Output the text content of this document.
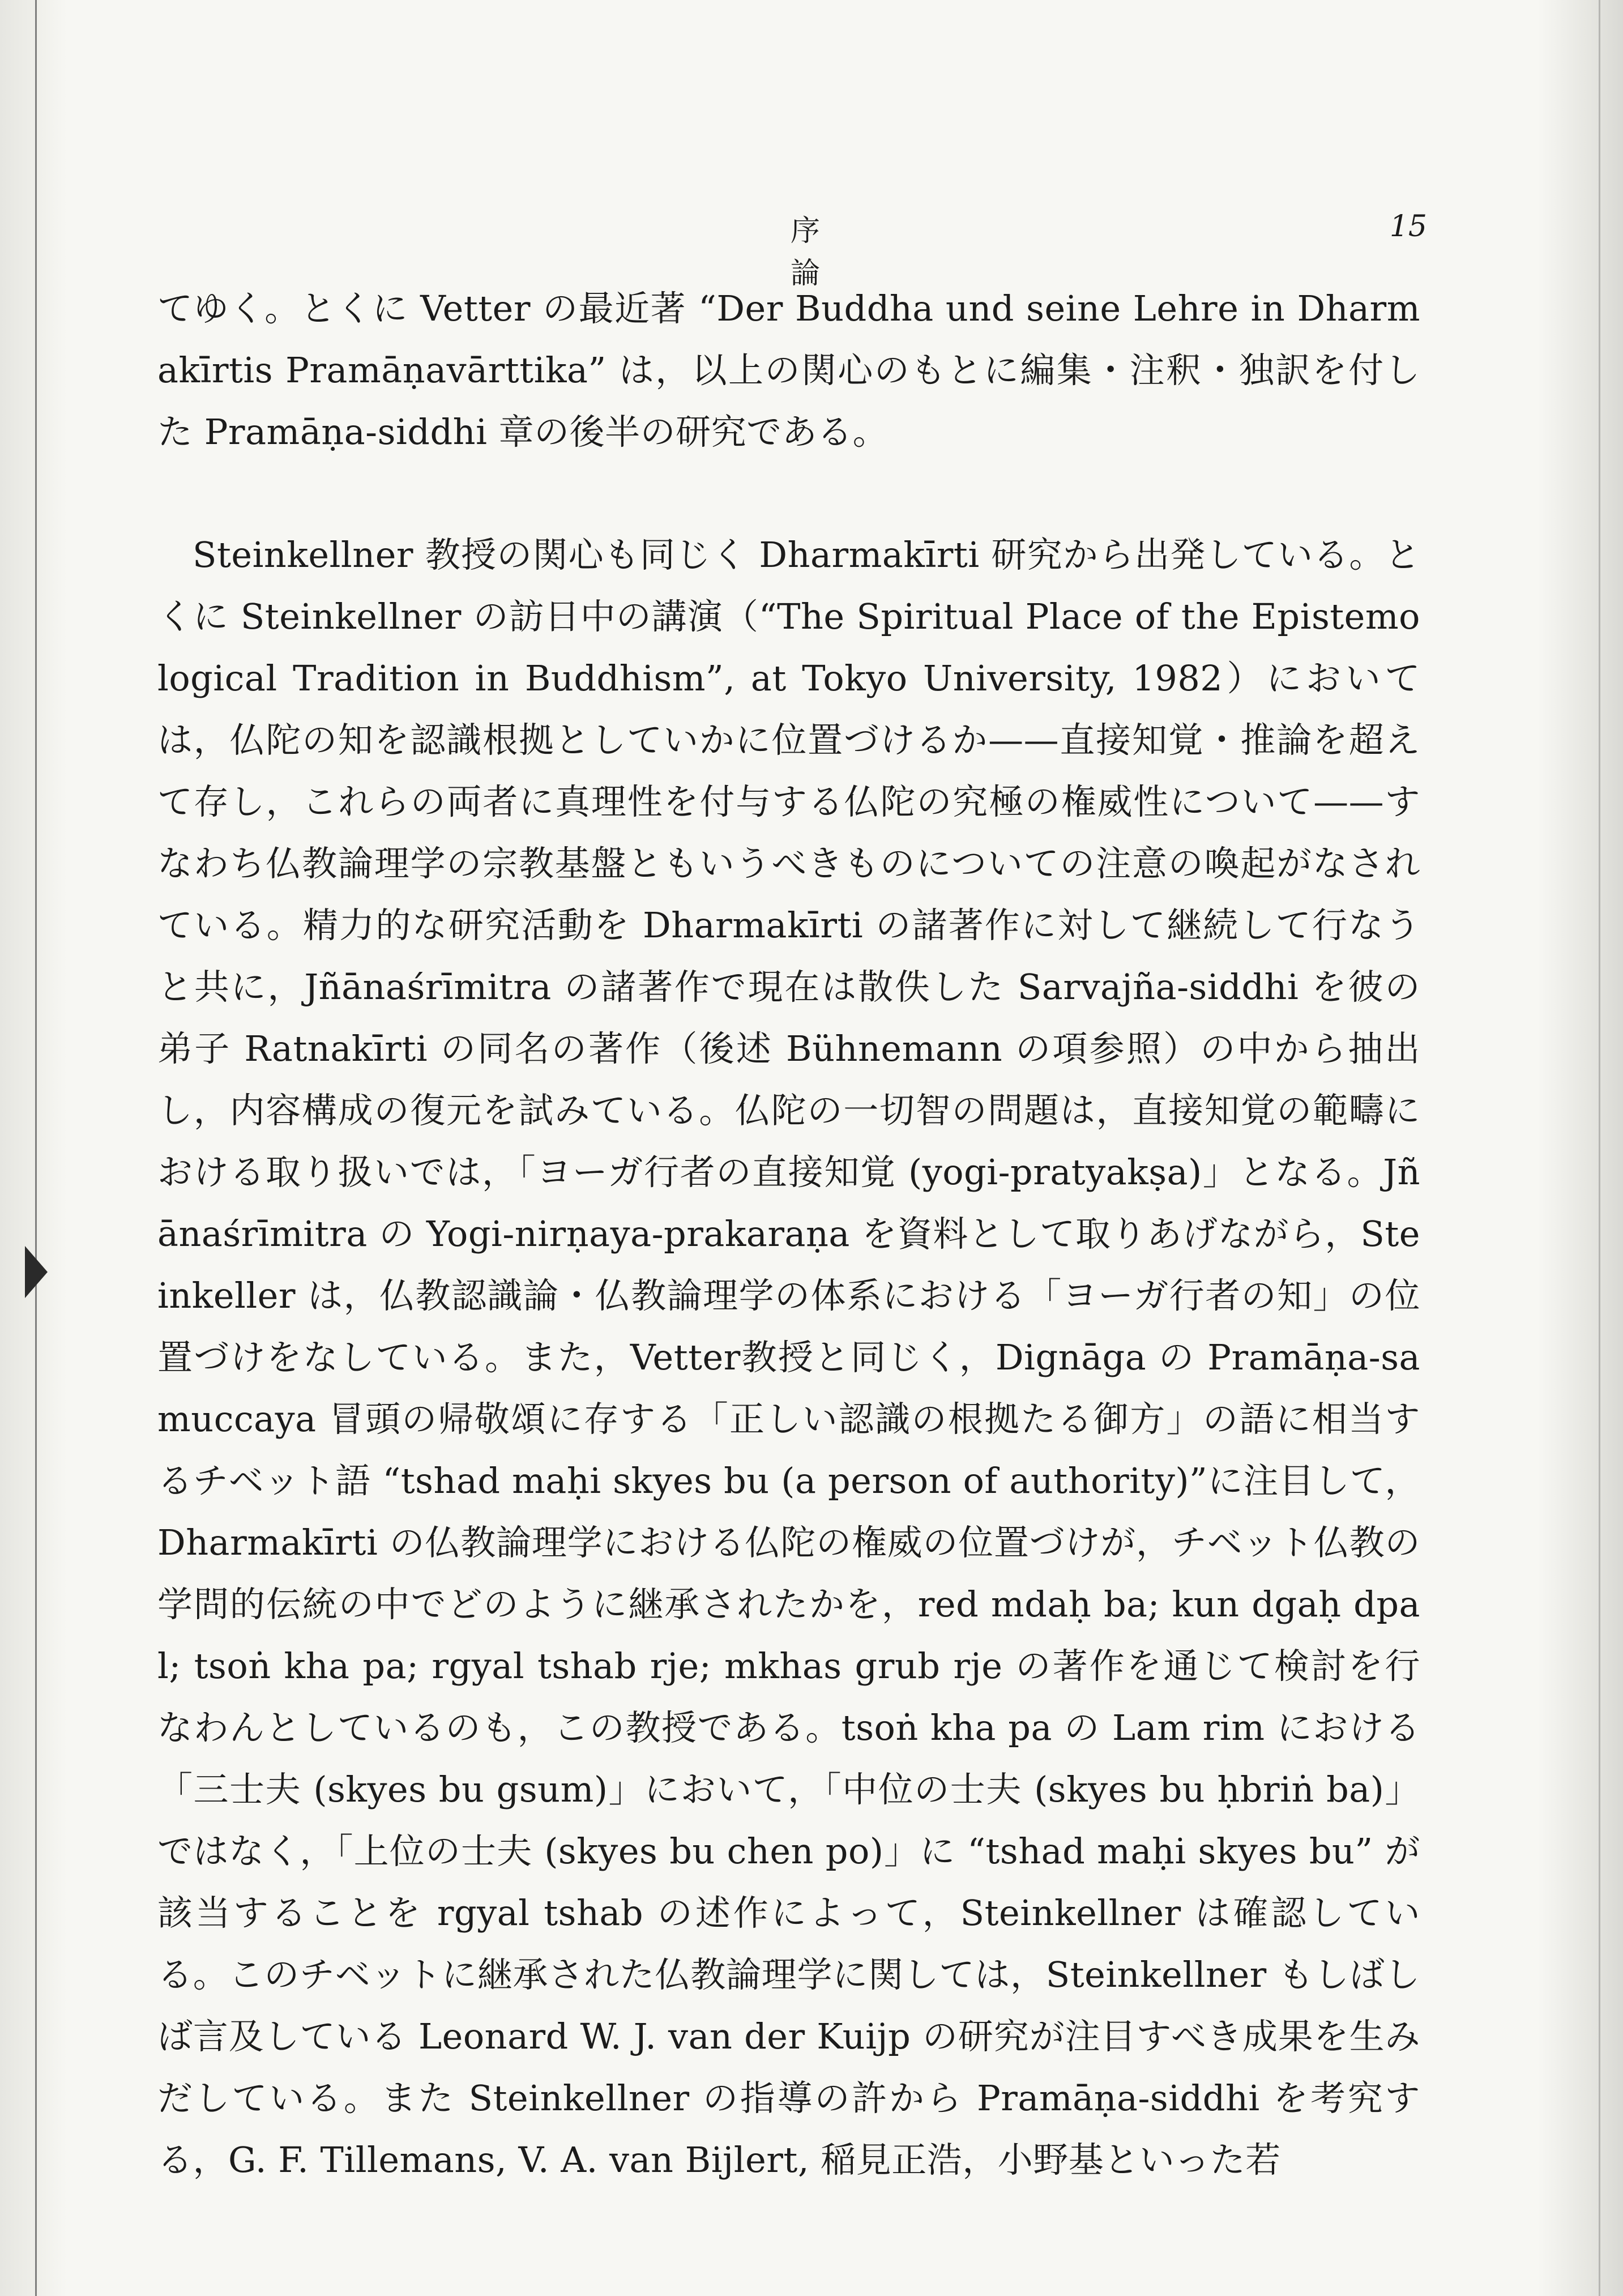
序　論
15

てゆく。とくに Vetter の最近著 “Der Buddha und seine Lehre in Dharmakīrtis Pramāṇavārttika” は，以上の関心のもとに編集・注釈・独訳を付した Pramāṇa-siddhi 章の後半の研究である。

Steinkellner 教授の関心も同じく Dharmakīrti 研究から出発している。とくに Steinkellner の訪日中の講演（“The Spiritual Place of the Epistemological Tradition in Buddhism”, at Tokyo University, 1982）においては，仏陀の知を認識根拠としていかに位置づけるか——直接知覚・推論を超えて存し，これらの両者に真理性を付与する仏陀の究極の権威性について——すなわち仏教論理学の宗教基盤ともいうべきものについての注意の喚起がなされている。精力的な研究活動を Dharmakīrti の諸著作に対して継続して行なうと共に，Jñānaśrīmitra の諸著作で現在は散佚した Sarvajña-siddhi を彼の弟子 Ratnakīrti の同名の著作（後述 Bühnemann の項参照）の中から抽出し，内容構成の復元を試みている。仏陀の一切智の問題は，直接知覚の範疇における取り扱いでは，「ヨーガ行者の直接知覚 (yogi-pratyakṣa)」となる。Jñānaśrīmitra の Yogi-nirṇaya-prakaraṇa を資料として取りあげながら，Steinkeller は，仏教認識論・仏教論理学の体系における「ヨーガ行者の知」の位置づけをなしている。また，Vetter教授と同じく，Dignāga の Pramāṇa-samuccaya 冒頭の帰敬頌に存する「正しい認識の根拠たる御方」の語に相当するチベット語 “tshad maḥi skyes bu (a person of authority)”に注目して，Dharmakīrti の仏教論理学における仏陀の権威の位置づけが，チベット仏教の学問的伝統の中でどのように継承されたかを，red mdaḥ ba; kun dgaḥ dpal; tsoṅ kha pa; rgyal tshab rje; mkhas grub rje の著作を通じて検討を行なわんとしているのも，この教授である。tsoṅ kha pa の Lam rim における「三士夫 (skyes bu gsum)」において，「中位の士夫 (skyes bu ḥbriṅ ba)」ではなく，「上位の士夫 (skyes bu chen po)」に “tshad maḥi skyes bu” が該当することを rgyal tshab の述作によって，Steinkellner は確認している。このチベットに継承された仏教論理学に関しては，Steinkellner もしばしば言及している Leonard W. J. van der Kuijp の研究が注目すべき成果を生みだしている。また Steinkellner の指導の許から Pramāṇa-siddhi を考究する，G. F. Tillemans, V. A. van Bijlert, 稲見正浩，小野基といった若
